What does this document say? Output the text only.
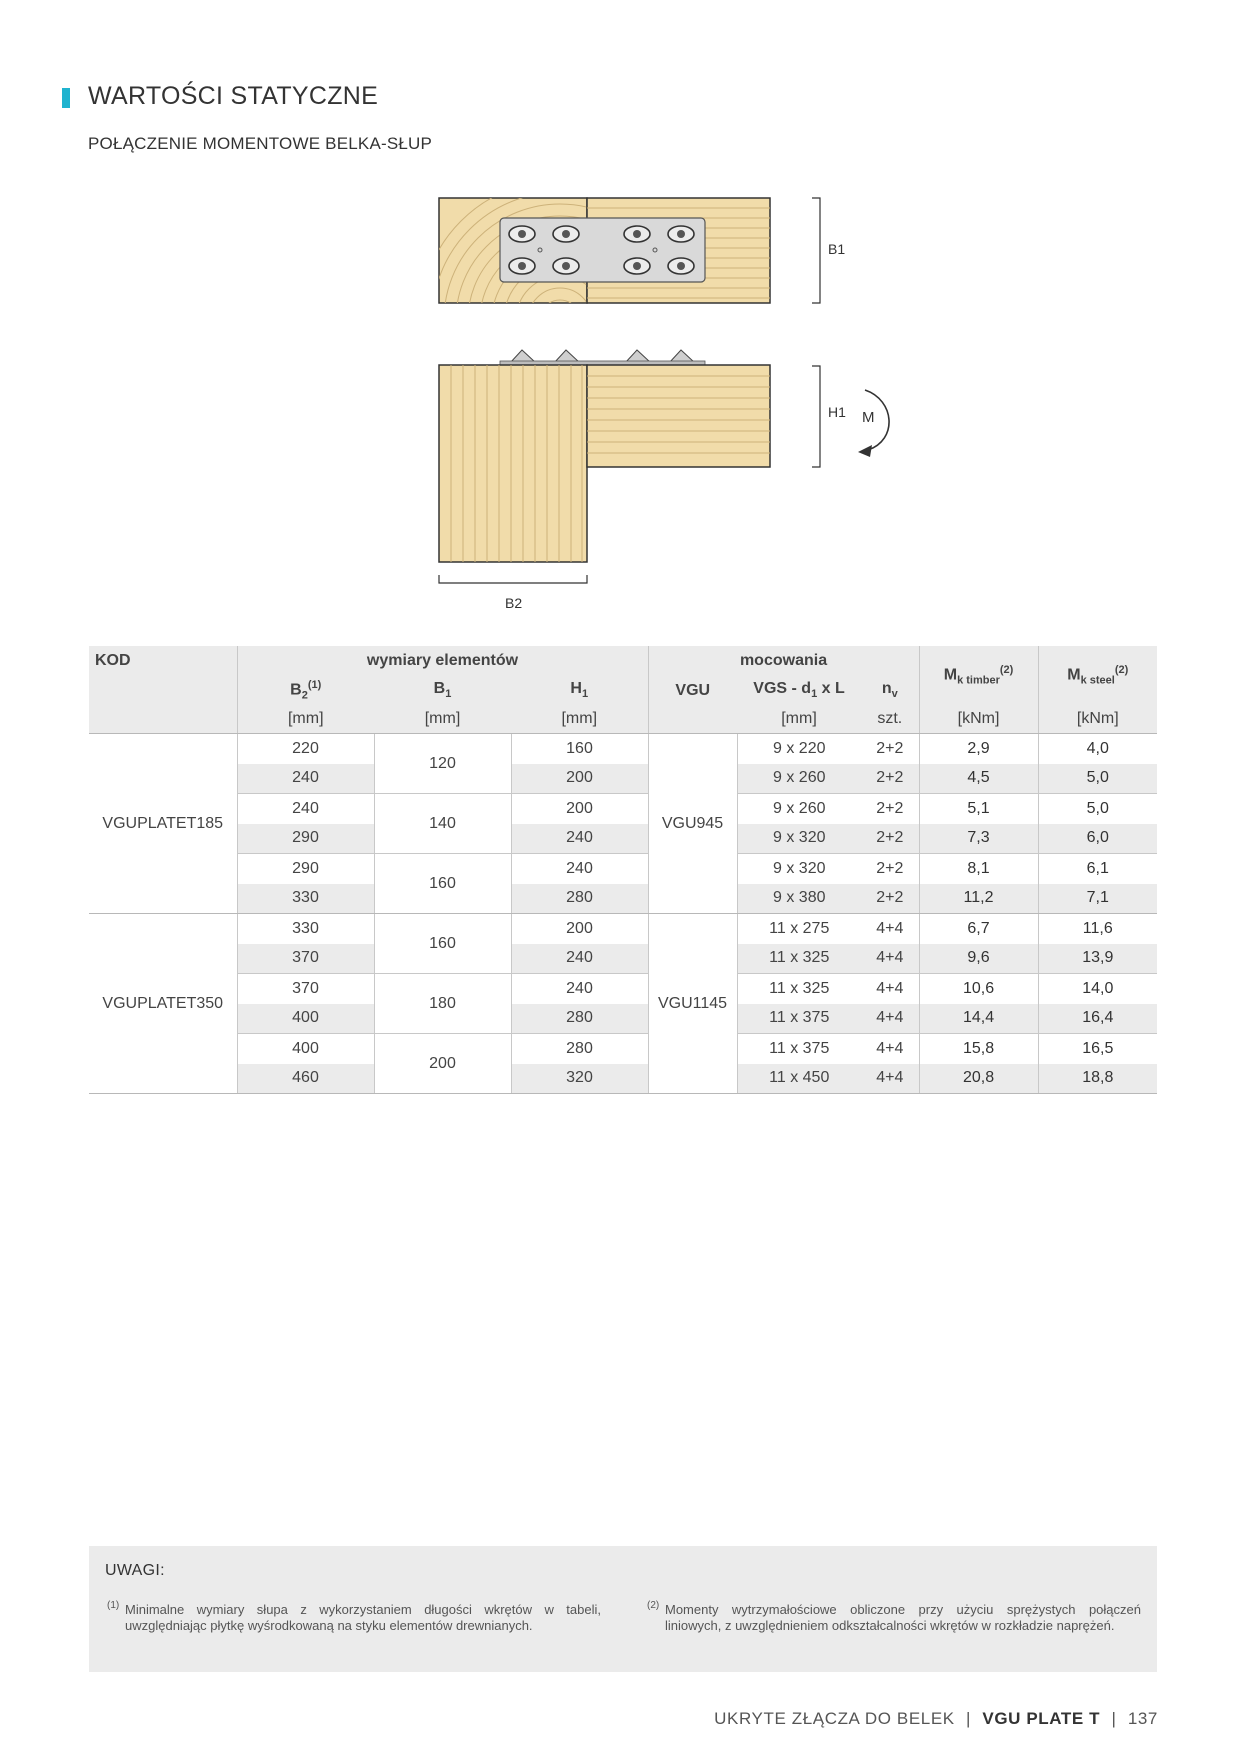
WARTOŚCI STATYCZNE
POŁĄCZENIE MOMENTOWE BELKA-SŁUP
B1
H1 M
B2
KOD	wymiary elementów			mocowania			$M_{k timber}^{(2)}$	$M_{k steel}^{(2)}$
	$B_2^{(1)}$	$B_1$	$H_1$	VGU	VGS - $d_1$ x L	$n_v$
	[mm]	[mm]	[mm]		[mm]	szt.	[kNm]	[kNm]
VGUPLATET185	220	120	160	VGU945	9 x 220	2+2	2,9	4,0
	240		200		9 x 260	2+2	4,5	5,0
	240	140	200		9 x 260	2+2	5,1	5,0
	290		240		9 x 320	2+2	7,3	6,0
	290	160	240		9 x 320	2+2	8,1	6,1
	330		280		9 x 380	2+2	11,2	7,1
VGUPLATET350	330	160	200	VGU1145	11 x 275	4+4	6,7	11,6
	370		240		11 x 325	4+4	9,6	13,9
	370	180	240		11 x 325	4+4	10,6	14,0
	400		280		11 x 375	4+4	14,4	16,4
	400	200	280		11 x 375	4+4	15,8	16,5
	460		320		11 x 450	4+4	20,8	18,8
UWAGI:
(1) Minimalne wymiary słupa z wykorzystaniem długości wkrętów w tabeli, uwzględniając płytkę wyśrodkowaną na styku elementów drewnianych.
(2) Momenty wytrzymałościowe obliczone przy użyciu sprężystych połączeń liniowych, z uwzględnieniem odkształcalności wkrętów w rozkładzie naprężeń.
UKRYTE ZŁĄCZA DO BELEK | VGU PLATE T | 137
